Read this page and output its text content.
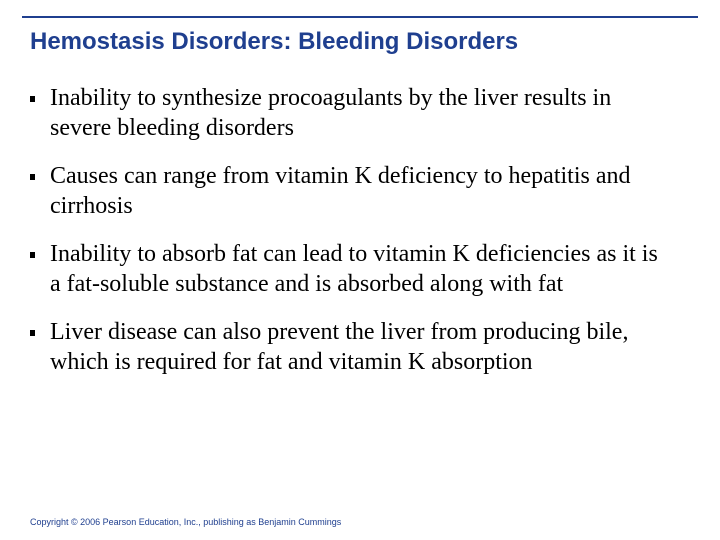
Hemostasis Disorders: Bleeding Disorders
Inability to synthesize procoagulants by the liver results in severe bleeding disorders
Causes can range from vitamin K deficiency to hepatitis and cirrhosis
Inability to absorb fat can lead to vitamin K deficiencies as it is a fat-soluble substance and is absorbed along with fat
Liver disease can also prevent the liver from producing bile, which is required for fat and vitamin K absorption

Copyright © 2006 Pearson Education, Inc., publishing as Benjamin Cummings
